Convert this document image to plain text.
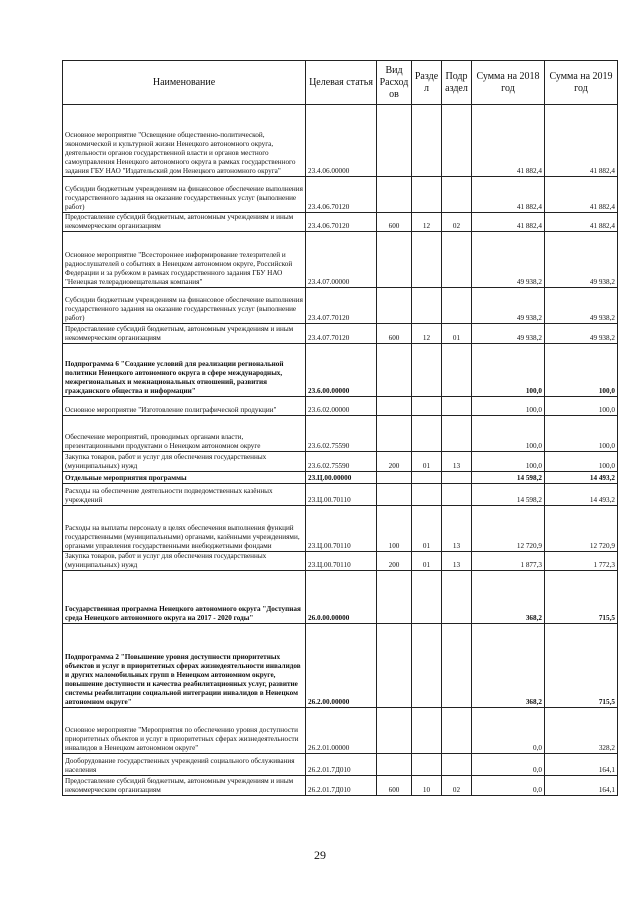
Наименование	Целевая статья	Вид Расход ов	Разде л	Подр аздел	Сумма на 2018 год	Сумма на 2019 год
Основное мероприятие "Освещение общественно-политической, экономической и культурной жизни Ненецкого автономного округа, деятельности органов государственной власти и органов местного самоуправления Ненецкого автономного округа в рамках государственного задания ГБУ НАО "Издательский дом Ненецкого автономного округа"	23.4.06.00000				41 882,4	41 882,4
Субсидии бюджетным учреждениям на финансовое обеспечение выполнения государственного задания на оказание государственных услуг (выполнение работ)	23.4.06.70120				41 882,4	41 882,4
Предоставление субсидий бюджетным, автономным учреждениям и иным некоммерческим организациям	23.4.06.70120	600	12	02	41 882,4	41 882,4
Основное мероприятие "Всестороннее информирование телезрителей и радиослушателей о событиях в Ненецком автономном округе, Российской Федерации и за рубежом в рамках государственного задания ГБУ НАО "Ненецкая телерадиовещательная компания"	23.4.07.00000				49 938,2	49 938,2
Субсидии бюджетным учреждениям на финансовое обеспечение выполнения государственного задания на оказание государственных услуг (выполнение работ)	23.4.07.70120				49 938,2	49 938,2
Предоставление субсидий бюджетным, автономным учреждениям и иным некоммерческим организациям	23.4.07.70120	600	12	01	49 938,2	49 938,2
Подпрограмма 6 "Создание условий для реализации региональной политики Ненецкого автономного округа в сфере международных, межрегиональных и межнациональных отношений, развития гражданского общества и информации"	23.6.00.00000				100,0	100,0
Основное мероприятие "Изготовление полиграфической продукции"	23.6.02.00000				100,0	100,0
Обеспечение мероприятий, проводимых органами власти, презентационными продуктами о Ненецком автономном округе	23.6.02.75590				100,0	100,0
Закупка товаров, работ и услуг для обеспечения государственных (муниципальных) нужд	23.6.02.75590	200	01	13	100,0	100,0
Отдельные мероприятия программы	23.Ц.00.00000				14 598,2	14 493,2
Расходы на обеспечение деятельности подведомственных казённых учреждений	23.Ц.00.70110				14 598,2	14 493,2
Расходы на выплаты персоналу в целях обеспечения выполнения функций государственными (муниципальными) органами, казёнными учреждениями, органами управления государственными внебюджетными фондами	23.Ц.00.70110	100	01	13	12 720,9	12 720,9
Закупка товаров, работ и услуг для обеспечения государственных (муниципальных) нужд	23.Ц.00.70110	200	01	13	1 877,3	1 772,3
Государственная программа Ненецкого автономного округа "Доступная среда Ненецкого автономного округа на 2017 - 2020 годы"	26.0.00.00000				368,2	715,5
Подпрограмма 2 "Повышение уровня доступности приоритетных объектов и услуг в приоритетных сферах жизнедеятельности инвалидов и других маломобильных групп в Ненецком автономном округе, повышение доступности и качества реабилитационных услуг, развитие системы реабилитации социальной интеграции инвалидов в Ненецком автономном округе"	26.2.00.00000				368,2	715,5
Основное мероприятие "Мероприятия по обеспечению уровня доступности приоритетных объектов и услуг в приоритетных сферах жизнедеятельности инвалидов в Ненецком автономном округе"	26.2.01.00000				0,0	328,2
Дооборудование государственных учреждений социального обслуживания населения	26.2.01.7Д010				0,0	164,1
Предоставление субсидий бюджетным, автономным учреждениям и иным некоммерческим организациям	26.2.01.7Д010	600	10	02	0,0	164,1
29
